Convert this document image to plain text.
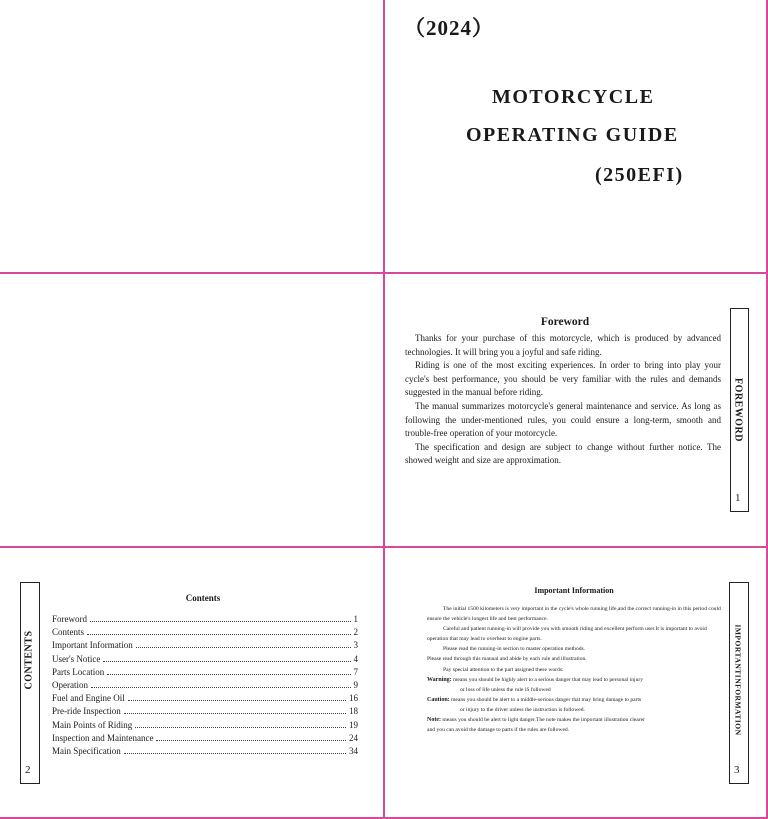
（2024）
MOTORCYCLE
OPERATING GUIDE
(250EFI)
Foreword

Thanks for your purchase of this motorcycle, which is produced by advanced technologies. It will bring you a joyful and safe riding.

Riding is one of the most exciting experiences. In order to bring into play your cycle's best performance, you should be very familiar with the rules and demands suggested in the manual before riding.

The manual summarizes motorcycle's general maintenance and service. As long as following the under-mentioned rules, you could ensure a long-term, smooth and trouble-free operation of your motorcycle.

The specification and design are subject to change without further notice. The showed weight and size are approximation.

FOREWORD
1
CONTENTS
2
Contents
Foreword	1
Contents	2
Important Information	3
User's Notice	4
Parts Location	7
Operation	9
Fuel and Engine Oil	16
Pre-ride Inspection	18
Main Points of Riding	19
Inspection and Maintenance	24
Main Specification	34
Important Information

The initial 1500 kilometers is very important in the cycle's whole running life,and the correct running-in in this period could ensure the vehicle's longest life and best performance.

Careful and patient running-in will provide you with smooth riding and excellent perform user.It is important to avoid operation that may lead to overheat to engine parts.

Please read the running-in section to master operation methods.

Please read through this manual and abide by each rule and illustration.

Pay special attention to the part assigned these words:

Warning: means you should be highly alert to a serious danger that may lead to personal injury

or loss of life unless the rule iS followed

Caution: means you should be alert to a middle-serious danger that may bring damage to parts

or injury to the driver unless the instruction is followed.

Note: means you should be alert to light danger.The note makes the important illustration clearer

and you can avoid the damage to parts if the rules are followed.	IMPORTANTINFORMATION
3
